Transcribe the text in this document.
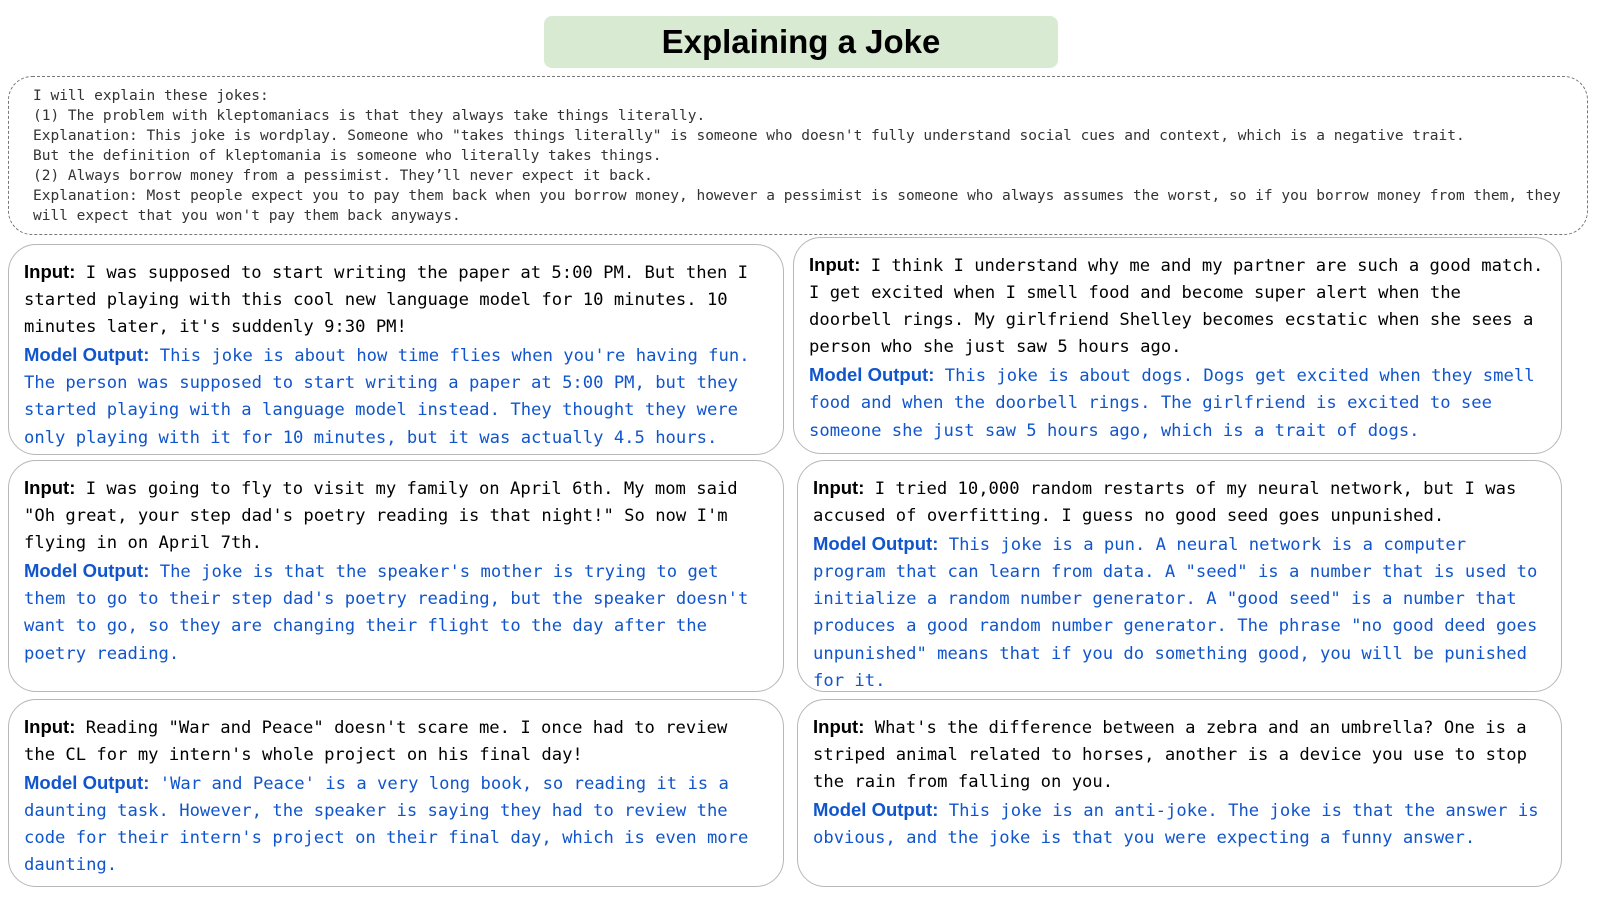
Explaining a Joke
I will explain these jokes:
(1) The problem with kleptomaniacs is that they always take things literally.
Explanation: This joke is wordplay. Someone who "takes things literally" is someone who doesn't fully understand social cues and context, which is a negative trait.
But the definition of kleptomania is someone who literally takes things.
(2) Always borrow money from a pessimist. They’ll never expect it back.
Explanation: Most people expect you to pay them back when you borrow money, however a pessimist is someone who always assumes the worst, so if you borrow money from them, they will expect that you won't pay them back anyways.
Input: I was supposed to start writing the paper at 5:00 PM. But then I started playing with this cool new language model for 10 minutes. 10 minutes later, it's suddenly 9:30 PM!
Model Output: This joke is about how time flies when you're having fun. The person was supposed to start writing a paper at 5:00 PM, but they started playing with a language model instead. They thought they were only playing with it for 10 minutes, but it was actually 4.5 hours.
Input: I think I understand why me and my partner are such a good match. I get excited when I smell food and become super alert when the doorbell rings. My girlfriend Shelley becomes ecstatic when she sees a person who she just saw 5 hours ago.
Model Output: This joke is about dogs. Dogs get excited when they smell food and when the doorbell rings. The girlfriend is excited to see someone she just saw 5 hours ago, which is a trait of dogs.
Input: I was going to fly to visit my family on April 6th. My mom said "Oh great, your step dad's poetry reading is that night!" So now I'm flying in on April 7th.
Model Output: The joke is that the speaker's mother is trying to get them to go to their step dad's poetry reading, but the speaker doesn't want to go, so they are changing their flight to the day after the poetry reading.
Input: I tried 10,000 random restarts of my neural network, but I was accused of overfitting. I guess no good seed goes unpunished.
Model Output: This joke is a pun. A neural network is a computer program that can learn from data. A "seed" is a number that is used to initialize a random number generator. A "good seed" is a number that produces a good random number generator. The phrase "no good deed goes unpunished" means that if you do something good, you will be punished for it.
Input: Reading "War and Peace" doesn't scare me. I once had to review the CL for my intern's whole project on his final day!
Model Output: 'War and Peace' is a very long book, so reading it is a daunting task. However, the speaker is saying they had to review the code for their intern's project on their final day, which is even more daunting.
Input: What's the difference between a zebra and an umbrella? One is a striped animal related to horses, another is a device you use to stop the rain from falling on you.
Model Output: This joke is an anti-joke. The joke is that the answer is obvious, and the joke is that you were expecting a funny answer.
